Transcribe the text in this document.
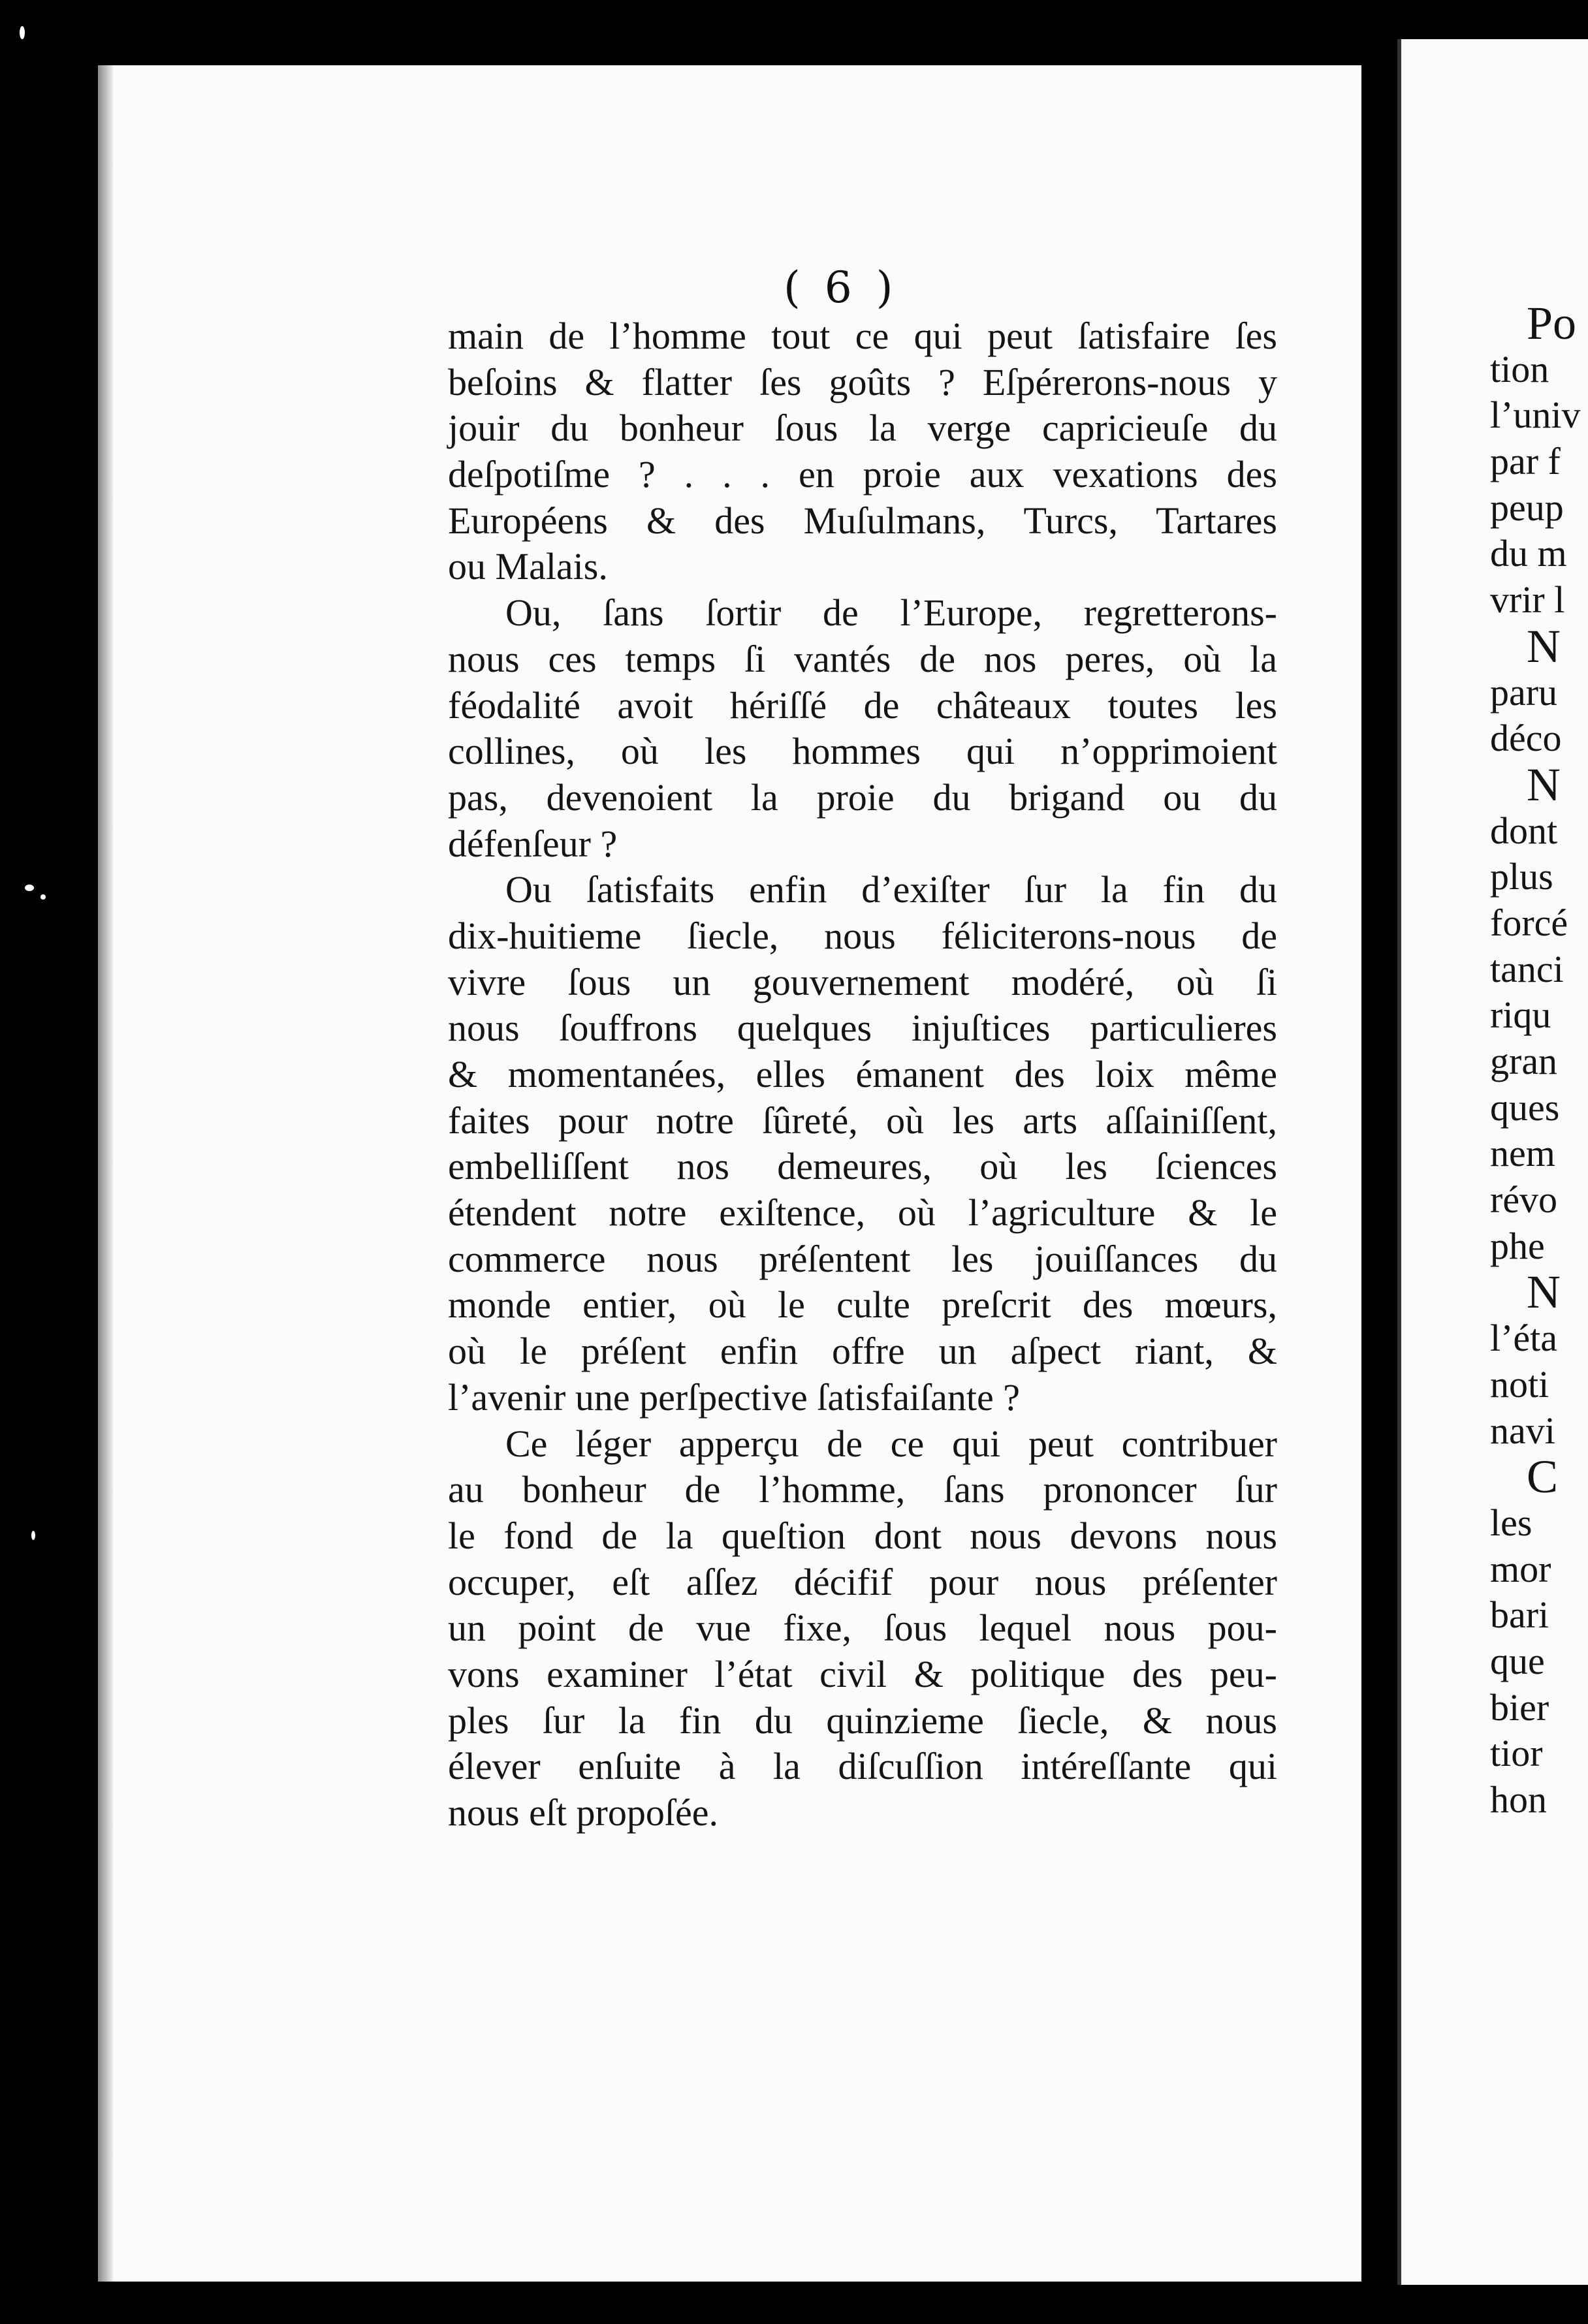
( 6 )
main de l’homme tout ce qui peut ſatisfaire ſes
beſoins & flatter ſes goûts ? Eſpérerons-nous y
jouir du bonheur ſous la verge capricieuſe du
deſpotiſme ? . . . en proie aux vexations des
Européens & des Muſulmans, Turcs, Tartares
ou Malais.
Ou, ſans ſortir de l’Europe, regretterons-
nous ces temps ſi vantés de nos peres, où la
féodalité avoit hériſſé de châteaux toutes les
collines, où les hommes qui n’opprimoient
pas, devenoient la proie du brigand ou du
défenſeur ?
Ou ſatisfaits enfin d’exiſter ſur la fin du
dix-huitieme ſiecle, nous féliciterons-nous de
vivre ſous un gouvernement modéré, où ſi
nous ſouffrons quelques injuſtices particulieres
& momentanées, elles émanent des loix même
faites pour notre ſûreté, où les arts aſſainiſſent,
embelliſſent nos demeures, où les ſciences
étendent notre exiſtence, où l’agriculture & le
commerce nous préſentent les jouiſſances du
monde entier, où le culte preſcrit des mœurs,
où le préſent enfin offre un aſpect riant, &
l’avenir une perſpective ſatisfaiſante ?
Ce léger apperçu de ce qui peut contribuer
au bonheur de l’homme, ſans prononcer ſur
le fond de la queſtion dont nous devons nous
occuper, eſt aſſez décifif pour nous préſenter
un point de vue fixe, ſous lequel nous pou-
vons examiner l’état civil & politique des peu-
ples ſur la fin du quinzieme ſiecle, & nous
élever enſuite à la diſcuſſion intéreſſante qui
nous eſt propoſée.
Po
tion
l’univ
par f
peup
du m
vrir l
N
paru
déco
N
dont
plus
forcé
tanci
riqu
gran
ques
nem
révo
phe
N
l’éta
noti
navi
C
les
mor
bari
que
bier
tior
hon
